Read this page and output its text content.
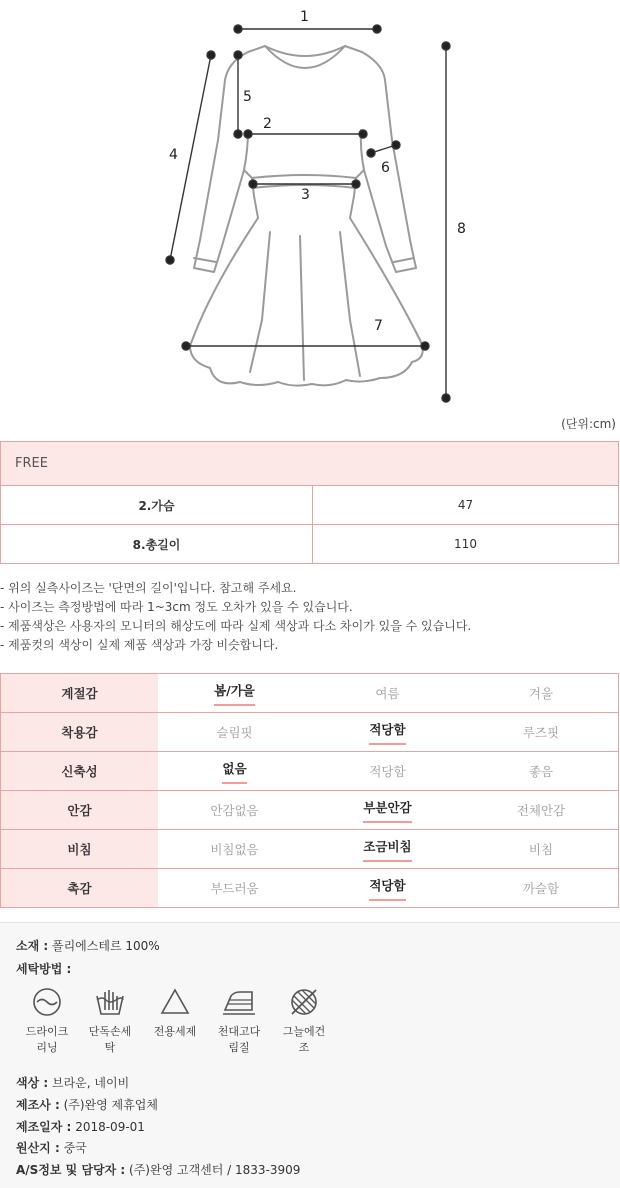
1
2
3
4
5
6
7
8
(단위:cm)
FREE	
2.가슴	47
8.총길이	110
- 위의 실측사이즈는 '단면의 길이'입니다. 참고해 주세요.
- 사이즈는 측정방법에 따라 1~3cm 정도 오차가 있을 수 있습니다.
- 제품색상은 사용자의 모니터의 해상도에 따라 실제 색상과 다소 차이가 있을 수 있습니다.
- 제품컷의 색상이 실제 제품 색상과 가장 비슷합니다.
계절감	봄/가을	여름	겨울
착용감	슬림핏	적당함	루즈핏
신축성	없음	적당함	좋음
안감	안감없음	부분안감	전체안감
비침	비침없음	조금비침	비침
촉감	부드러움	적당함	까슬함
소재 : 폴리에스테르 100%
세탁방법 :
드라이크
리닝
단독손세
탁
전용세제	천대고다
림질
그늘에건
조
색상 : 브라운, 네이비
제조사 : (주)완영 제휴업체
제조일자 : 2018-09-01
원산지 : 중국
A/S정보 및 담당자 : (주)완영 고객센터 / 1833-3909
